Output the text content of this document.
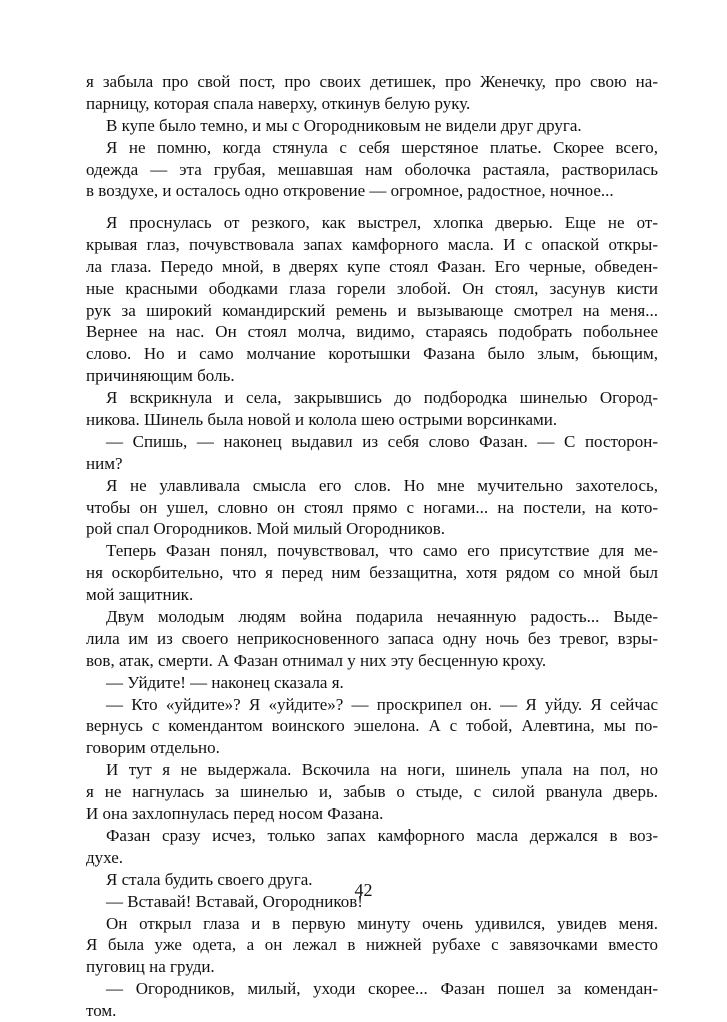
я забыла про свой пост, про своих детишек, про Женечку, про свою на-
парницу, которая спала наверху, откинув белую руку.
В купе было темно, и мы с Огородниковым не видели друг друга.
Я не помню, когда стянула с себя шерстяное платье. Скорее всего,
одежда — эта грубая, мешавшая нам оболочка растаяла, растворилась
в воздухе, и осталось одно откровение — огромное, радостное, ночное...
Я проснулась от резкого, как выстрел, хлопка дверью. Еще не от-
крывая глаз, почувствовала запах камфорного масла. И с опаской откры-
ла глаза. Передо мной, в дверях купе стоял Фазан. Его черные, обведен-
ные красными ободками глаза горели злобой. Он стоял, засунув кисти
рук за широкий командирский ремень и вызывающе смотрел на меня...
Вернее на нас. Он стоял молча, видимо, стараясь подобрать побольнее
слово. Но и само молчание коротышки Фазана было злым, бьющим,
причиняющим боль.
Я вскрикнула и села, закрывшись до подбородка шинелью Огород-
никова. Шинель была новой и колола шею острыми ворсинками.
— Спишь, — наконец выдавил из себя слово Фазан. — С посторон-
ним?
Я не улавливала смысла его слов. Но мне мучительно захотелось,
чтобы он ушел, словно он стоял прямо с ногами... на постели, на кото-
рой спал Огородников. Мой милый Огородников.
Теперь Фазан понял, почувствовал, что само его присутствие для ме-
ня оскорбительно, что я перед ним беззащитна, хотя рядом со мной был
мой защитник.
Двум молодым людям война подарила нечаянную радость... Выде-
лила им из своего неприкосновенного запаса одну ночь без тревог, взры-
вов, атак, смерти. А Фазан отнимал у них эту бесценную кроху.
— Уйдите! — наконец сказала я.
— Кто «уйдите»? Я «уйдите»? — проскрипел он. — Я уйду. Я сейчас
вернусь с комендантом воинского эшелона. А с тобой, Алевтина, мы по-
говорим отдельно.
И тут я не выдержала. Вскочила на ноги, шинель упала на пол, но
я не нагнулась за шинелью и, забыв о стыде, с силой рванула дверь.
И она захлопнулась перед носом Фазана.
Фазан сразу исчез, только запах камфорного масла держался в воз-
духе.
Я стала будить своего друга.
— Вставай! Вставай, Огородников!
Он открыл глаза и в первую минуту очень удивился, увидев меня.
Я была уже одета, а он лежал в нижней рубахе с завязочками вместо
пуговиц на груди.
— Огородников, милый, уходи скорее... Фазан пошел за комендан-
том.
42
